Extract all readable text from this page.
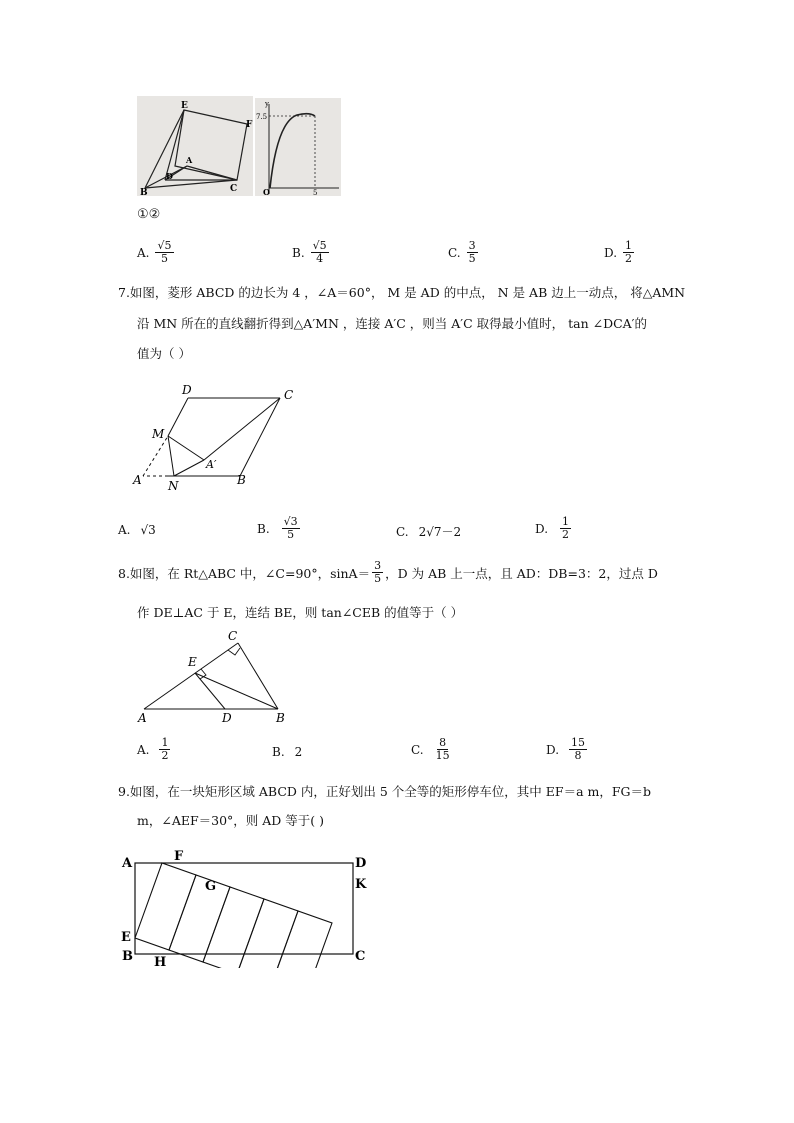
E
F
A
D
B	C
y
7.5
O	5
①②
A. $\frac{√5}{5}$	B. $\frac{√5}{4}$	C. $\frac{3}{5}$	D. $\frac{1}{2}$
7.如图，菱形 ABCD 的边长为 4 ，∠A＝60°， M 是 AD 的中点， N 是 AB 边上一动点， 将△AMN
沿 MN 所在的直线翻折得到△A′MN ，连接 A′C ，则当 A′C 取得最小值时， tan ∠DCA′的
值为（ ）
D	C
M
A N	B
A′
A. √3	B. $\frac{√3}{5}$	C. 2√7－2	D. $\frac{1}{2}$
8.如图，在 Rt△ABC 中，∠C=90°，$\sin A= \frac{3}{5}$ ，D 为 AB 上一点，且 AD：DB=3：2，过点 D
作 DE⊥AC 于 E，连结 BE，则 tan∠CEB 的值等于（ ）
C
E
A	D	B
A. $\frac{1}{2}$	B. 2	C. $\frac{8}{15}$	D. $\frac{15}{8}$
9.如图，在一块矩形区域 ABCD 内，正好划出 5 个全等的矩形停车位，其中 EF＝a m，FG＝b
m，∠AEF＝30°，则 AD 等于( )
A	F	D
G	K
E
B H	C
